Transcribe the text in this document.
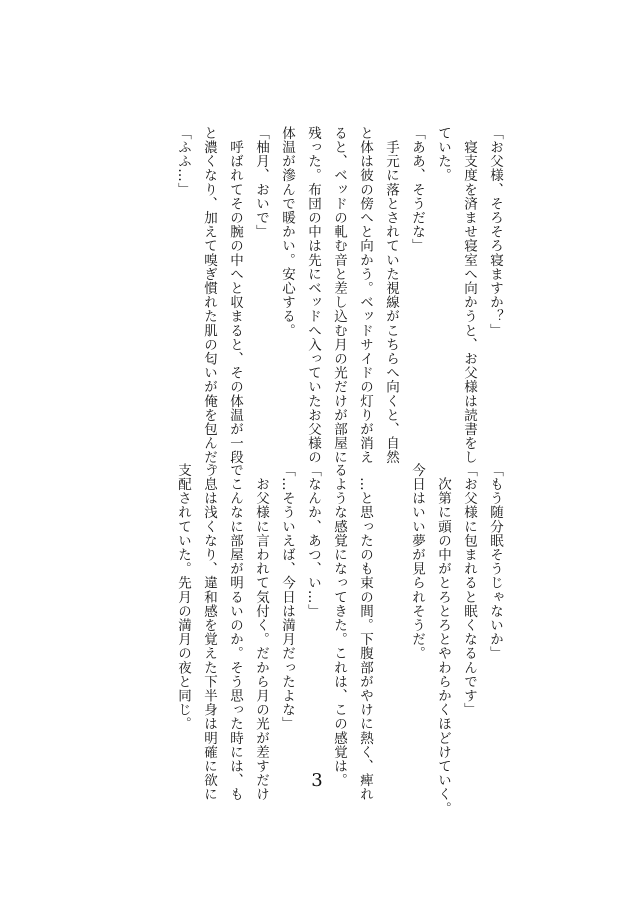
「お父様、そろそろ寝ますか？」
　寝支度を済ませ寝室へ向かうと、お父様は読書をし
ていた。
「ああ、そうだな」
　手元に落とされていた視線がこちらへ向くと、自然
と体は彼の傍へと向かう。ベッドサイドの灯りが消え
ると、ベッドの軋む音と差し込む月の光だけが部屋に
残った。布団の中は先にベッドへ入っていたお父様の
体温が滲んで暖かい。安心する。
「柚月、おいで」
　呼ばれてその腕の中へと収まると、その体温が一段
と濃くなり、加えて嗅ぎ慣れた肌の匂いが俺を包んだ。
「ふふ…」
「もう随分眠そうじゃないか」
「お父様に包まれると眠くなるんです」
　次第に頭の中がとろとろとやわらかくほどけていく。
今日はいい夢が見られそうだ。

　…と思ったのも束の間。下腹部がやけに熱く、痺れ
るような感覚になってきた。これは、この感覚は。
「なんか、あつ、い…」
「…そういえば、今日は満月だったよな」
　お父様に言われて気付く。だから月の光が差すだけ
でこんなに部屋が明るいのか。そう思った時には、も
う息は浅くなり、違和感を覚えた下半身は明確に欲に
支配されていた。先月の満月の夜と同じ。
3
